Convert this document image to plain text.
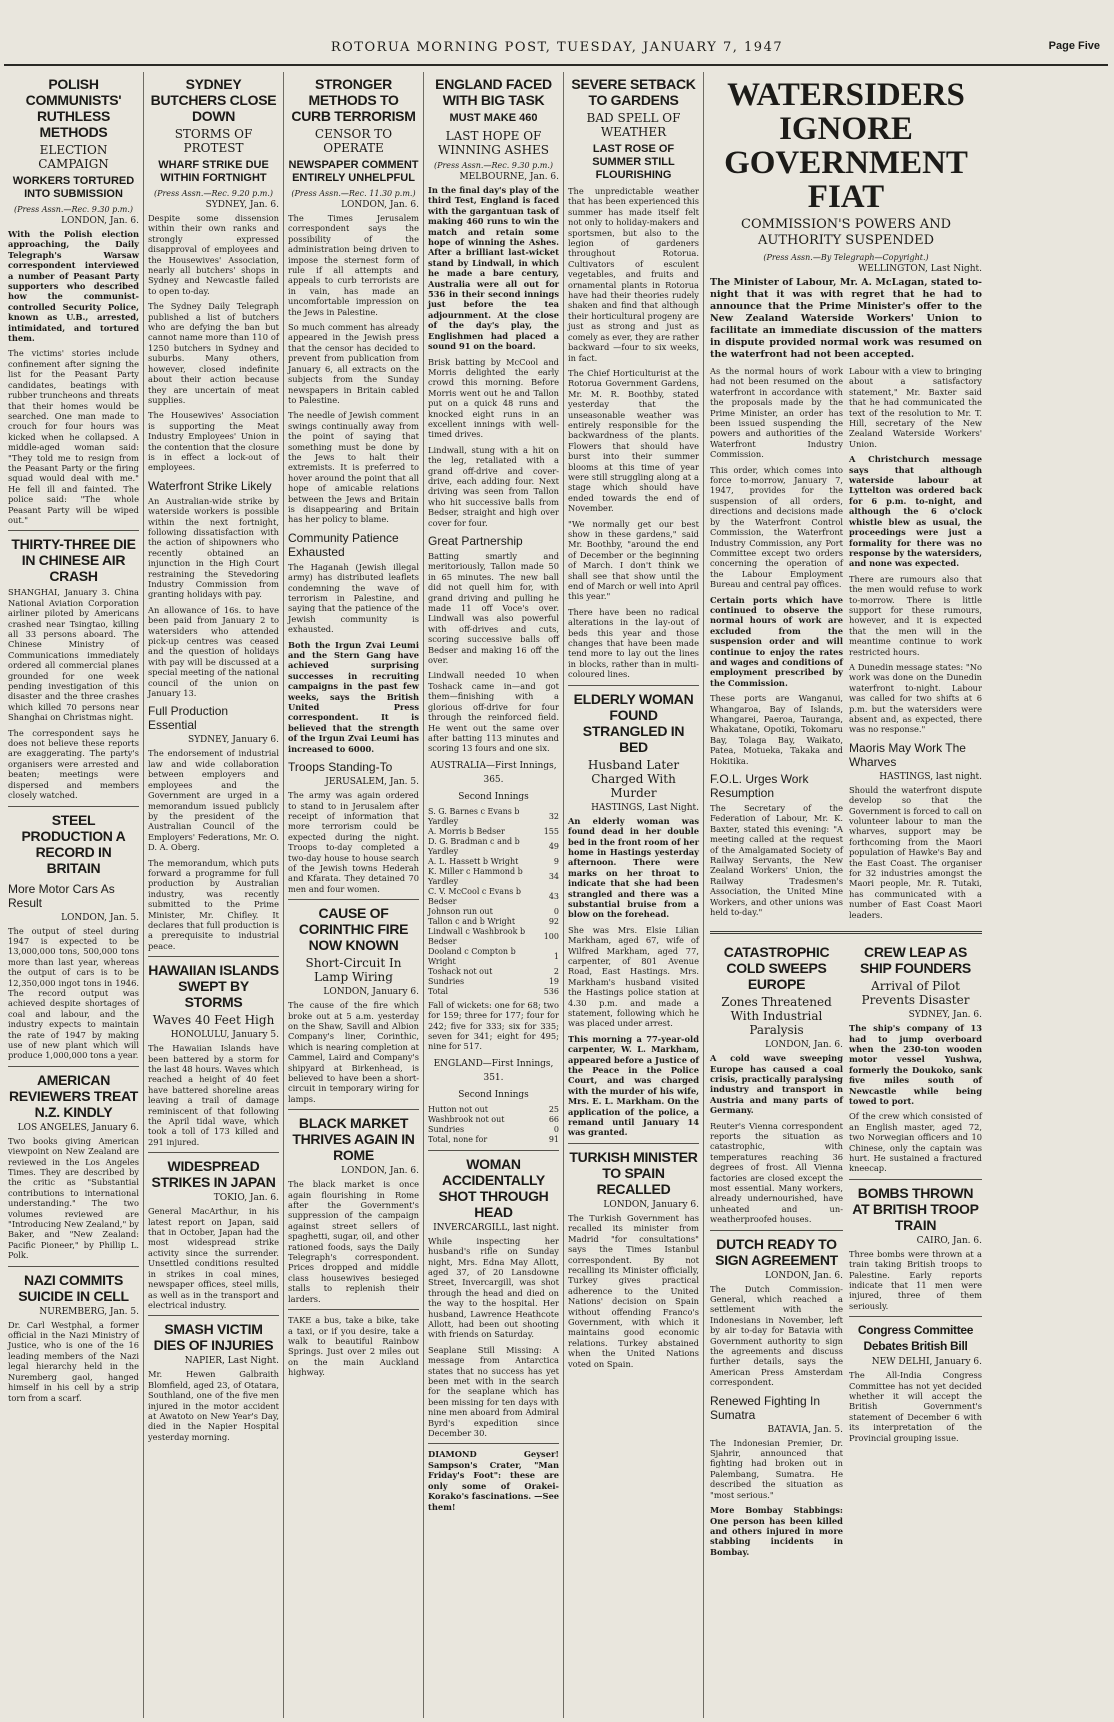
ROTORUA MORNING POST, TUESDAY, JANUARY 7, 1947	Page Five
POLISH COMMUNISTS' RUTHLESS METHODS
ELECTION CAMPAIGN
WORKERS TORTURED INTO SUBMISSION
(Press Assn.—Rec. 9.30 p.m.)
LONDON, Jan. 6.

With the Polish election approaching, the Daily Telegraph's Warsaw correspondent interviewed a number of Peasant Party supporters who described how the communist-controlled Security Police, known as U.B., arrested, intimidated, and tortured them.

The victims' stories include confinement after signing the list for the Peasant Party candidates, beatings with rubber truncheons and threats that their homes would be searched. One man made to crouch for four hours was kicked when he collapsed. A middle-aged woman said: "They told me to resign from the Peasant Party or the firing squad would deal with me." He fell ill and fainted. The police said: "The whole Peasant Party will be wiped out."

THIRTY-THREE DIE IN CHINESE AIR CRASH

SHANGHAI, January 3. China National Aviation Corporation airliner piloted by Americans crashed near Tsingtao, killing all 33 persons aboard. The Chinese Ministry of Communications immediately ordered all commercial planes grounded for one week pending investigation of this disaster and the three crashes which killed 70 persons near Shanghai on Christmas night.

The correspondent says he does not believe these reports are exaggerating. The party's organisers were arrested and beaten; meetings were dispersed and members closely watched.

STEEL PRODUCTION A RECORD IN BRITAIN
More Motor Cars As Result
LONDON, Jan. 5.

The output of steel during 1947 is expected to be 13,000,000 tons, 500,000 tons more than last year, whereas the output of cars is to be 12,350,000 ingot tons in 1946. The record output was achieved despite shortages of coal and labour, and the industry expects to maintain the rate of 1947 by making use of new plant which will produce 1,000,000 tons a year.

AMERICAN REVIEWERS TREAT N.Z. KINDLY
LOS ANGELES, January 6.

Two books giving American viewpoint on New Zealand are reviewed in the Los Angeles Times. They are described by the critic as "Substantial contributions to international understanding." The two volumes reviewed are "Introducing New Zealand," by Baker, and "New Zealand: Pacific Pioneer," by Phillip L. Polk.

NAZI COMMITS SUICIDE IN CELL
NUREMBERG, Jan. 5.

Dr. Carl Westphal, a former official in the Nazi Ministry of Justice, who is one of the 16 leading members of the Nazi legal hierarchy held in the Nuremberg gaol, hanged himself in his cell by a strip torn from a scarf.

SYDNEY BUTCHERS CLOSE DOWN
STORMS OF PROTEST
WHARF STRIKE DUE WITHIN FORTNIGHT
(Press Assn.—Rec. 9.20 p.m.)
SYDNEY, Jan. 6.

Despite some dissension within their own ranks and strongly expressed disapproval of employees and the Housewives' Association, nearly all butchers' shops in Sydney and Newcastle failed to open to-day.

The Sydney Daily Telegraph published a list of butchers who are defying the ban but cannot name more than 110 of 1250 butchers in Sydney and suburbs. Many others, however, closed indefinite about their action because they are uncertain of meat supplies.

The Housewives' Association is supporting the Meat Industry Employees' Union in the contention that the closure is in effect a lock-out of employees.

Waterfront Strike Likely

An Australian-wide strike by waterside workers is possible within the next fortnight, following dissatisfaction with the action of shipowners who recently obtained an injunction in the High Court restraining the Stevedoring Industry Commission from granting holidays with pay.

An allowance of 16s. to have been paid from January 2 to watersiders who attended pick-up centres was ceased and the question of holidays with pay will be discussed at a special meeting of the national council of the union on January 13.

Full Production Essential
SYDNEY, January 6.

The endorsement of industrial law and wide collaboration between employers and employees and the Government are urged in a memorandum issued publicly by the president of the Australian Council of the Employers' Federations, Mr. O. D. A. Oberg.

The memorandum, which puts forward a programme for full production by Australian industry, was recently submitted to the Prime Minister, Mr. Chifley. It declares that full production is a prerequisite to industrial peace.

HAWAIIAN ISLANDS SWEPT BY STORMS
Waves 40 Feet High
HONOLULU, January 5.

The Hawaiian Islands have been battered by a storm for the last 48 hours. Waves which reached a height of 40 feet have battered shoreline areas leaving a trail of damage reminiscent of that following the April tidal wave, which took a toll of 173 killed and 291 injured.

WIDESPREAD STRIKES IN JAPAN
TOKIO, Jan. 6.

General MacArthur, in his latest report on Japan, said that in October, Japan had the most widespread strike activity since the surrender. Unsettled conditions resulted in strikes in coal mines, newspaper offices, steel mills, as well as in the transport and electrical industry.

SMASH VICTIM DIES OF INJURIES
NAPIER, Last Night.

Mr. Hewen Galbraith Blomfield, aged 23, of Otatara, Southland, one of the five men injured in the motor accident at Awatoto on New Year's Day, died in the Napier Hospital yesterday morning.

STRONGER METHODS TO CURB TERRORISM
CENSOR TO OPERATE
NEWSPAPER COMMENT ENTIRELY UNHELPFUL
(Press Assn.—Rec. 11.30 p.m.)
LONDON, Jan. 6.

The Times Jerusalem correspondent says the possibility of the administration being driven to impose the sternest form of rule if all attempts and appeals to curb terrorists are in vain, has made an uncomfortable impression on the Jews in Palestine.

So much comment has already appeared in the Jewish press that the censor has decided to prevent from publication from January 6, all extracts on the subjects from the Sunday newspapers in Britain cabled to Palestine.

The needle of Jewish comment swings continually away from the point of saying that something must be done by the Jews to halt their extremists. It is preferred to hover around the point that all hope of amicable relations between the Jews and Britain is disappearing and Britain has her policy to blame.

Community Patience Exhausted

The Haganah (Jewish illegal army) has distributed leaflets condemning the wave of terrorism in Palestine, and saying that the patience of the Jewish community is exhausted.

Both the Irgun Zvai Leumi and the Stern Gang have achieved surprising successes in recruiting campaigns in the past few weeks, says the British United Press correspondent. It is believed that the strength of the Irgun Zvai Leumi has increased to 6000.

Troops Standing-To
JERUSALEM, Jan. 5.

The army was again ordered to stand to in Jerusalem after receipt of information that more terrorism could be expected during the night. Troops to-day completed a two-day house to house search of the Jewish towns Hederah and Kfarata. They detained 70 men and four women.

CAUSE OF CORINTHIC FIRE NOW KNOWN
Short-Circuit In Lamp Wiring
LONDON, January 6.

The cause of the fire which broke out at 5 a.m. yesterday on the Shaw, Savill and Albion Company's liner, Corinthic, which is nearing completion at Cammel, Laird and Company's shipyard at Birkenhead, is believed to have been a short-circuit in temporary wiring for lamps.

BLACK MARKET THRIVES AGAIN IN ROME
LONDON, Jan. 6.

The black market is once again flourishing in Rome after the Government's suppression of the campaign against street sellers of spaghetti, sugar, oil, and other rationed foods, says the Daily Telegraph's correspondent. Prices dropped and middle class housewives besieged stalls to replenish their larders.

TAKE a bus, take a bike, take a taxi, or if you desire, take a walk to beautiful Rainbow Springs. Just over 2 miles out on the main Auckland highway.

ENGLAND FACED WITH BIG TASK
MUST MAKE 460
LAST HOPE OF WINNING ASHES
(Press Assn.—Rec. 9.30 p.m.)
MELBOURNE, Jan. 6.

In the final day's play of the third Test, England is faced with the gargantuan task of making 460 runs to win the match and retain some hope of winning the Ashes. After a brilliant last-wicket stand by Lindwall, in which he made a bare century, Australia were all out for 536 in their second innings just before the tea adjournment. At the close of the day's play, the Englishmen had placed a sound 91 on the board.

Brisk batting by McCool and Morris delighted the early crowd this morning. Before Morris went out he and Tallon put on a quick 48 runs and knocked eight runs in an excellent innings with well-timed drives.

Lindwall, stung with a hit on the leg, retaliated with a grand off-drive and cover-drive, each adding four. Next driving was seen from Tallon who hit successive balls from Bedser, straight and high over cover for four.

Great Partnership

Batting smartly and meritoriously, Tallon made 50 in 65 minutes. The new ball did not quell him for, with grand driving and pulling he made 11 off Voce's over. Lindwall was also powerful with off-drives and cuts, scoring successive balls off Bedser and making 16 off the over.

Lindwall needed 10 when Toshack came in—and got them—finishing with a glorious off-drive for four through the reinforced field. He went out the same over after batting 113 minutes and scoring 13 fours and one six.

AUSTRALIA—First Innings, 365.
Second Innings
S. G. Barnes c Evans b Yardley	32
A. Morris b Bedser	155
D. G. Bradman c and b Yardley	49
A. L. Hassett b Wright	9
K. Miller c Hammond b Yardley	34
C. V. McCool c Evans b Bedser	43
Johnson run out	0
Tallon c and b Wright	92
Lindwall c Washbrook b Bedser	100
Dooland c Compton b Wright	1
Toshack not out	2
Sundries	19
Total	536

Fall of wickets: one for 68; two for 159; three for 177; four for 242; five for 333; six for 335; seven for 341; eight for 495; nine for 517.

ENGLAND—First Innings, 351.
Second Innings
Hutton not out	25
Washbrook not out	66
Sundries	0
Total, none for	91
WOMAN ACCIDENTALLY SHOT THROUGH HEAD
INVERCARGILL, last night.

While inspecting her husband's rifle on Sunday night, Mrs. Edna May Allott, aged 37, of 20 Lansdowne Street, Invercargill, was shot through the head and died on the way to the hospital. Her husband, Lawrence Heathcote Allott, had been out shooting with friends on Saturday.

Seaplane Still Missing: A message from Antarctica states that no success has yet been met with in the search for the seaplane which has been missing for ten days with nine men aboard from Admiral Byrd's expedition since December 30.

DIAMOND Geyser! Sampson's Crater, "Man Friday's Foot": these are only some of Orakei-Korako's fascinations. —See them!

SEVERE SETBACK TO GARDENS
BAD SPELL OF WEATHER
LAST ROSE OF SUMMER STILL FLOURISHING

The unpredictable weather that has been experienced this summer has made itself felt not only to holiday-makers and sportsmen, but also to the legion of gardeners throughout Rotorua. Cultivators of esculent vegetables, and fruits and ornamental plants in Rotorua have had their theories rudely shaken and find that although their horticultural progeny are just as strong and just as comely as ever, they are rather backward —four to six weeks, in fact.

The Chief Horticulturist at the Rotorua Government Gardens, Mr. M. R. Boothby, stated yesterday that the unseasonable weather was entirely responsible for the backwardness of the plants. Flowers that should have burst into their summer blooms at this time of year were still struggling along at a stage which should have ended towards the end of November.

"We normally get our best show in these gardens," said Mr. Boothby, "around the end of December or the beginning of March. I don't think we shall see that show until the end of March or well into April this year."

There have been no radical alterations in the lay-out of beds this year and those changes that have been made tend more to lay out the lines in blocks, rather than in multi-coloured lines.

ELDERLY WOMAN FOUND STRANGLED IN BED
Husband Later Charged With Murder
HASTINGS, Last Night.

An elderly woman was found dead in her double bed in the front room of her home in Hastings yesterday afternoon. There were marks on her throat to indicate that she had been strangled and there was a substantial bruise from a blow on the forehead.

She was Mrs. Elsie Lilian Markham, aged 67, wife of Wilfred Markham, aged 77, carpenter, of 801 Avenue Road, East Hastings. Mrs. Markham's husband visited the Hastings police station at 4.30 p.m. and made a statement, following which he was placed under arrest.

This morning a 77-year-old carpenter, W. L. Markham, appeared before a Justice of the Peace in the Police Court, and was charged with the murder of his wife, Mrs. E. L. Markham. On the application of the police, a remand until January 14 was granted.

TURKISH MINISTER TO SPAIN RECALLED
LONDON, January 6.

The Turkish Government has recalled its minister from Madrid "for consultations" says the Times Istanbul correspondent. By not recalling its Minister officially, Turkey gives practical adherence to the United Nations' decision on Spain without offending Franco's Government, with which it maintains good economic relations. Turkey abstained when the United Nations voted on Spain.

WATERSIDERS IGNORE GOVERNMENT FIAT
COMMISSION'S POWERS AND AUTHORITY SUSPENDED
(Press Assn.—By Telegraph—Copyright.)
WELLINGTON, Last Night.

The Minister of Labour, Mr. A. McLagan, stated to-night that it was with regret that he had to announce that the Prime Minister's offer to the New Zealand Waterside Workers' Union to facilitate an immediate discussion of the matters in dispute provided normal work was resumed on the waterfront had not been accepted.

As the normal hours of work had not been resumed on the waterfront in accordance with the proposals made by the Prime Minister, an order has been issued suspending the powers and authorities of the Waterfront Industry Commission.

This order, which comes into force to-morrow, January 7, 1947, provides for the suspension of all orders, directions and decisions made by the Waterfront Control Commission, the Waterfront Industry Commission, any Port Committee except two orders concerning the operation of the Labour Employment Bureau and central pay offices.

Certain ports which have continued to observe the normal hours of work are excluded from the suspension order and will continue to enjoy the rates and wages and conditions of employment prescribed by the Commission.

These ports are Wanganui, Whangaroa, Bay of Islands, Whangarei, Paeroa, Tauranga, Whakatane, Opotiki, Tokomaru Bay, Tolaga Bay, Waikato, Patea, Motueka, Takaka and Hokitika.

F.O.L. Urges Work Resumption

The Secretary of the Federation of Labour, Mr. K. Baxter, stated this evening: "A meeting called at the request of the Amalgamated Society of Railway Servants, the New Zealand Workers' Union, the Railway Tradesmen's Association, the United Mine Workers, and other unions was held to-day."

Labour with a view to bringing about a satisfactory statement," Mr. Baxter said that he had communicated the text of the resolution to Mr. T. Hill, secretary of the New Zealand Waterside Workers' Union.

A Christchurch message says that although waterside labour at Lyttelton was ordered back for 6 p.m. to-night, and although the 6 o'clock whistle blew as usual, the proceedings were just a formality for there was no response by the watersiders, and none was expected.

There are rumours also that the men would refuse to work to-morrow. There is little support for these rumours, however, and it is expected that the men will in the meantime continue to work restricted hours.

A Dunedin message states: "No work was done on the Dunedin waterfront to-night. Labour was called for two shifts at 6 p.m. but the watersiders were absent and, as expected, there was no response."

Maoris May Work The Wharves
HASTINGS, last night.

Should the waterfront dispute develop so that the Government is forced to call on volunteer labour to man the wharves, support may be forthcoming from the Maori population of Hawke's Bay and the East Coast. The organiser for 32 industries amongst the Maori people, Mr. R. Tutaki, has communicated with a number of East Coast Maori leaders.

CATASTROPHIC COLD SWEEPS EUROPE
Zones Threatened With Industrial Paralysis
LONDON, Jan. 6.

A cold wave sweeping Europe has caused a coal crisis, practically paralysing industry and transport in Austria and many parts of Germany.

Reuter's Vienna correspondent reports the situation as catastrophic, with temperatures reaching 36 degrees of frost. All Vienna factories are closed except the most essential. Many workers, already undernourished, have unheated and un-weatherproofed houses.

DUTCH READY TO SIGN AGREEMENT
LONDON, Jan. 6.

The Dutch Commission-General, which reached a settlement with the Indonesians in November, left by air to-day for Batavia with Government authority to sign the agreements and discuss further details, says the American Press Amsterdam correspondent.

Renewed Fighting In Sumatra
BATAVIA, Jan. 5.

The Indonesian Premier, Dr. Sjahrir, announced that fighting had broken out in Palembang, Sumatra. He described the situation as "most serious."

More Bombay Stabbings: One person has been killed and others injured in more stabbing incidents in Bombay.

CREW LEAP AS SHIP FOUNDERS
Arrival of Pilot Prevents Disaster
SYDNEY, Jan. 6.

The ship's company of 13 had to jump overboard when the 230-ton wooden motor vessel Yushwa, formerly the Doukoko, sank five miles south of Newcastle while being towed to port.

Of the crew which consisted of an English master, aged 72, two Norwegian officers and 10 Chinese, only the captain was hurt. He sustained a fractured kneecap.

BOMBS THROWN AT BRITISH TROOP TRAIN
CAIRO, Jan. 6.

Three bombs were thrown at a train taking British troops to Palestine. Early reports indicate that 11 men were injured, three of them seriously.

Congress Committee Debates British Bill
NEW DELHI, January 6.

The All-India Congress Committee has not yet decided whether it will accept the British Government's statement of December 6 with its interpretation of the Provincial grouping issue.
